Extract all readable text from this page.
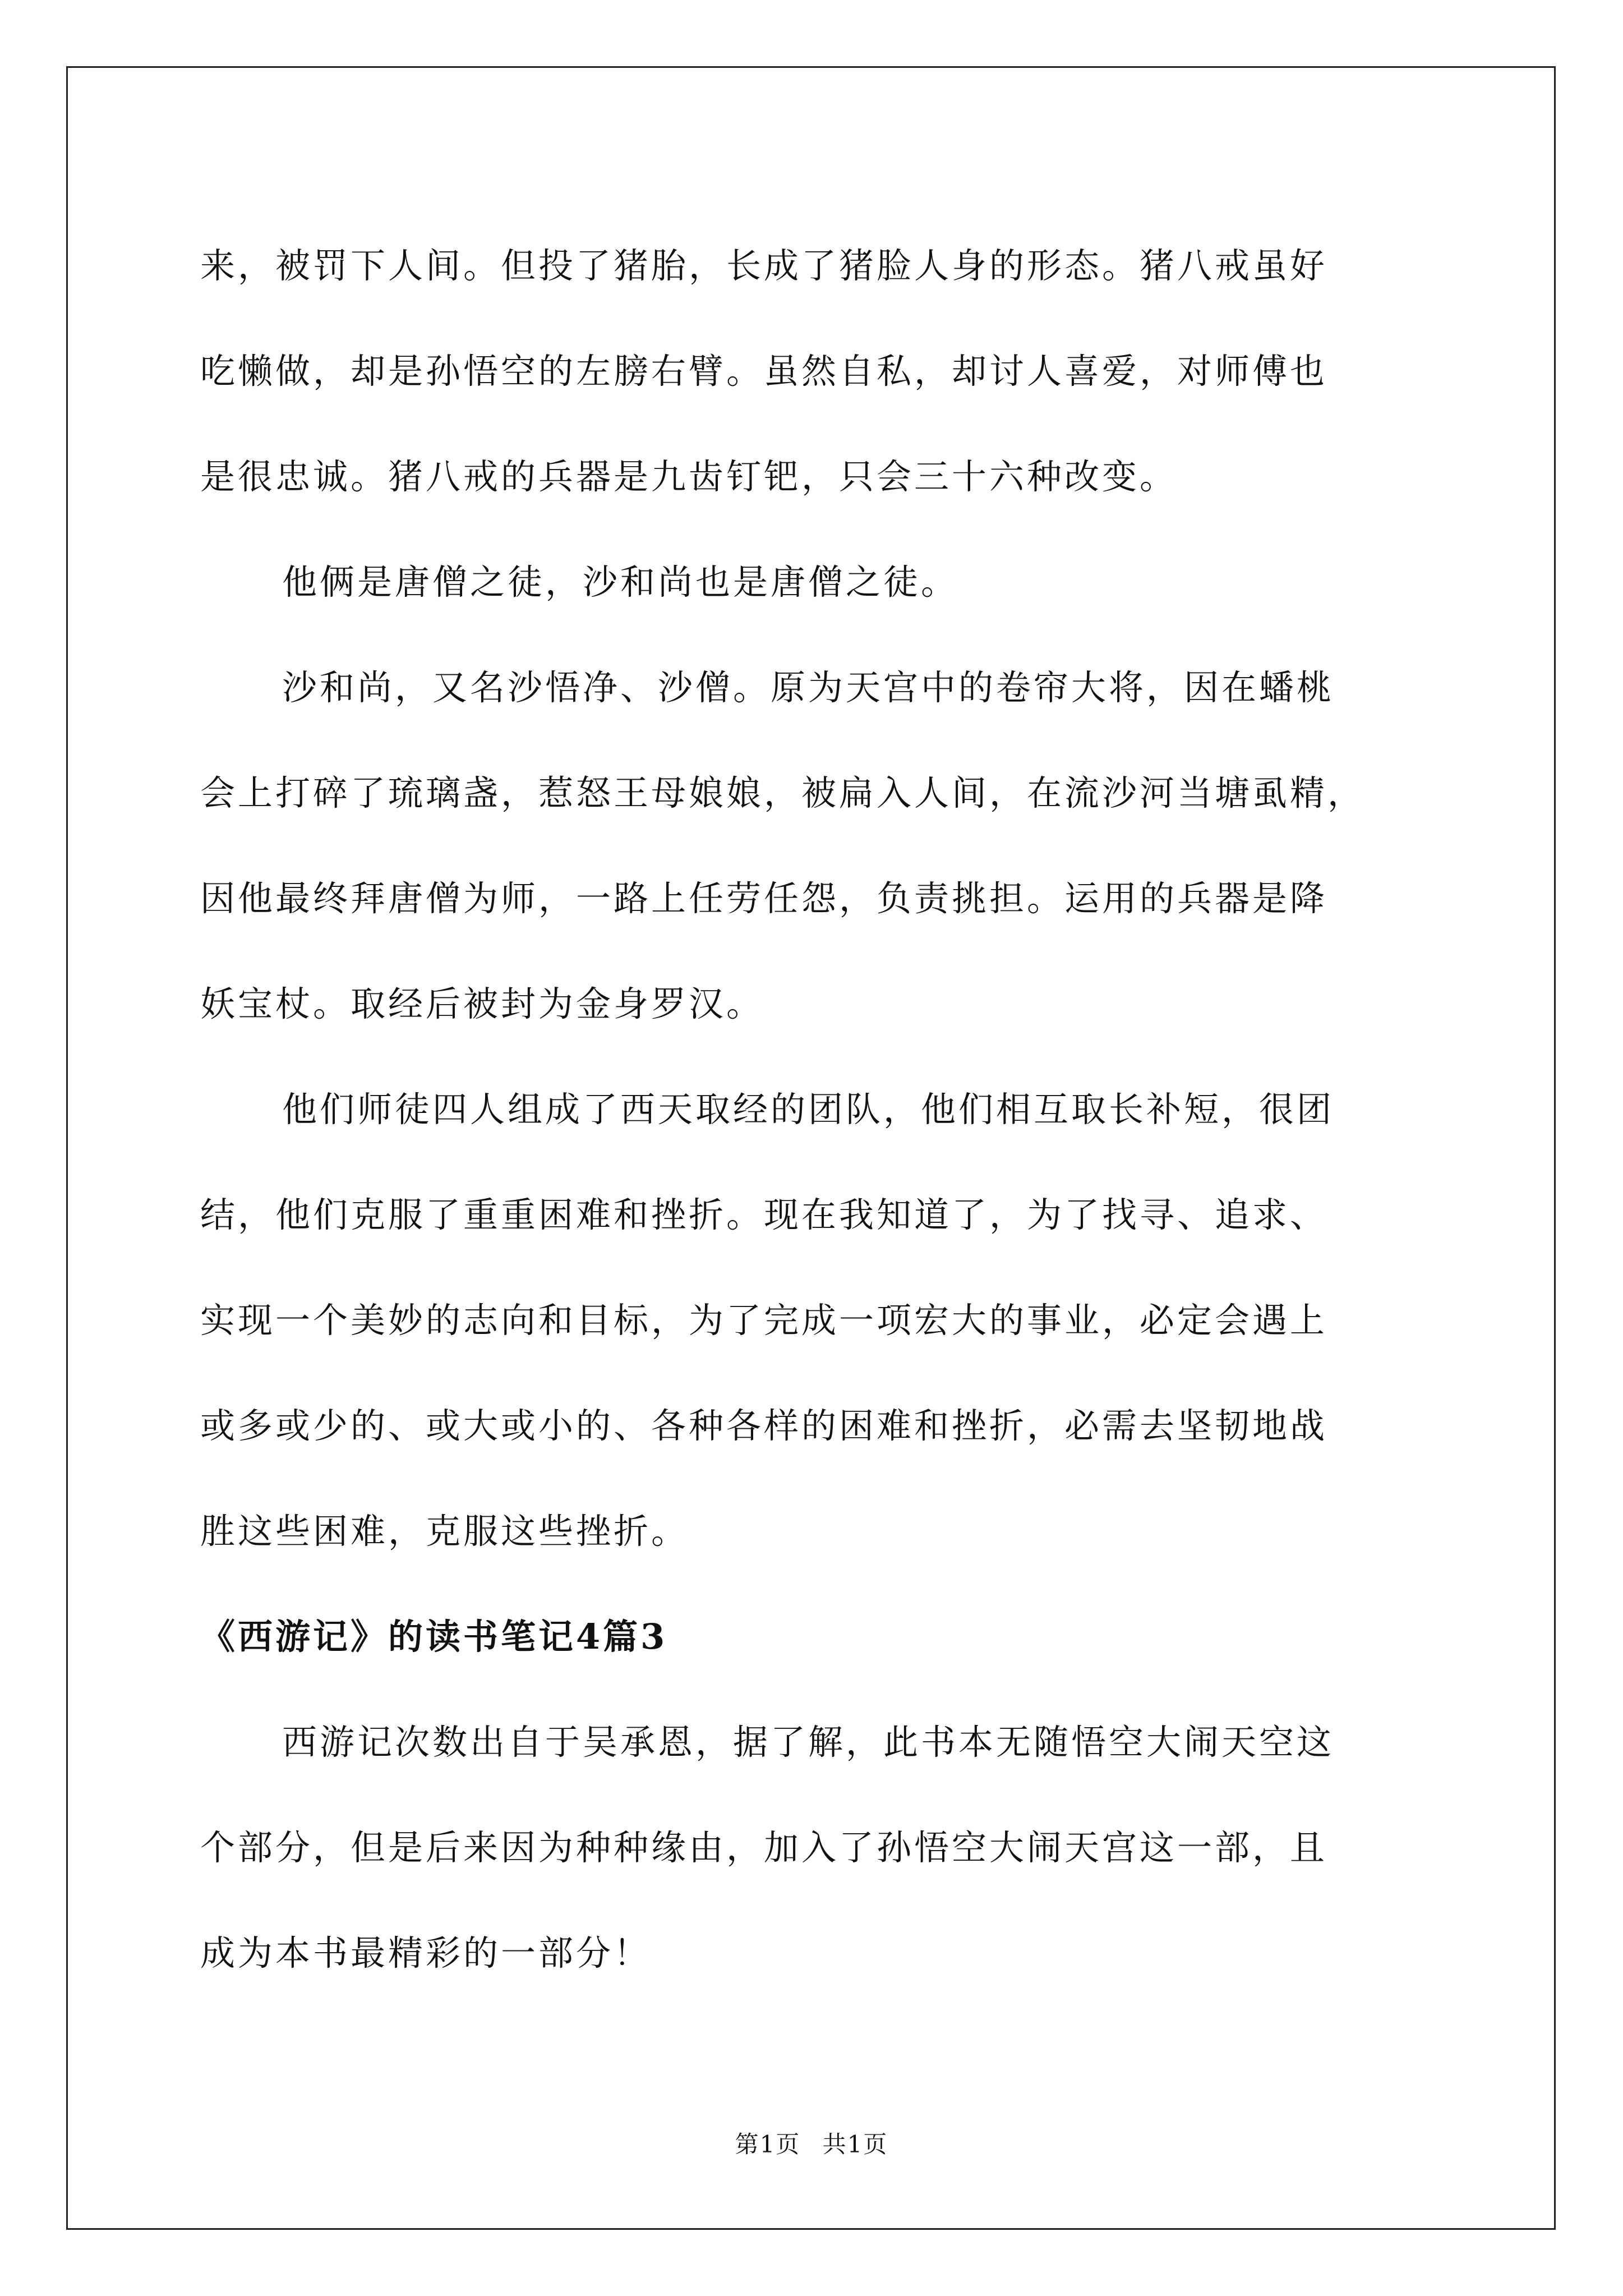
来，被罚下人间。但投了猪胎，长成了猪脸人身的形态。猪八戒虽好
吃懒做，却是孙悟空的左膀右臂。虽然自私，却讨人喜爱，对师傅也
是很忠诚。猪八戒的兵器是九齿钉钯，只会三十六种改变。

他俩是唐僧之徒，沙和尚也是唐僧之徒。

沙和尚，又名沙悟净、沙僧。原为天宫中的卷帘大将，因在蟠桃
会上打碎了琉璃盏，惹怒王母娘娘，被扁入人间，在流沙河当塘虱精，
因他最终拜唐僧为师，一路上任劳任怨，负责挑担。运用的兵器是降
妖宝杖。取经后被封为金身罗汉。

他们师徒四人组成了西天取经的团队，他们相互取长补短，很团
结，他们克服了重重困难和挫折。现在我知道了，为了找寻、追求、
实现一个美妙的志向和目标，为了完成一项宏大的事业，必定会遇上
或多或少的、或大或小的、各种各样的困难和挫折，必需去坚韧地战
胜这些困难，克服这些挫折。

《西游记》的读书笔记4篇3

西游记次数出自于吴承恩，据了解，此书本无随悟空大闹天空这
个部分，但是后来因为种种缘由，加入了孙悟空大闹天宫这一部，且
成为本书最精彩的一部分！

第1页 共1页
